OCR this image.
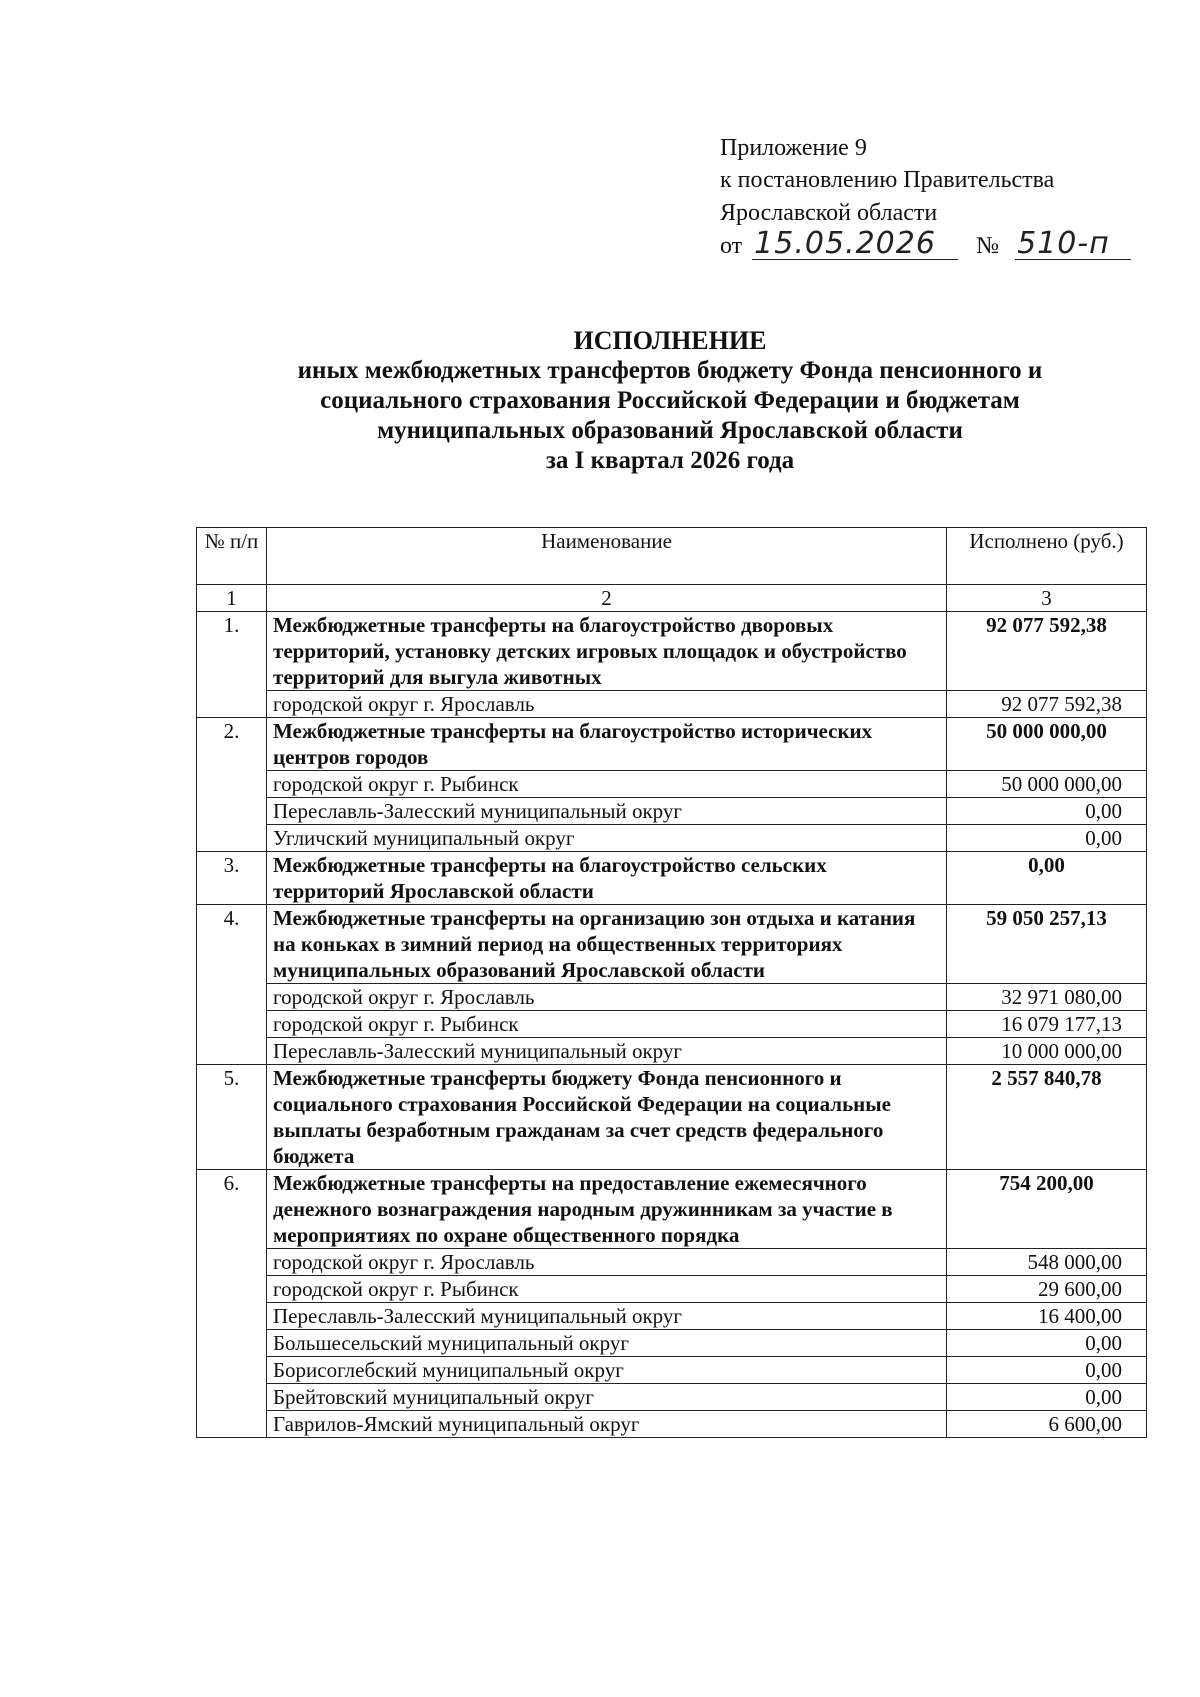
Приложение 9
к постановлению Правительства
Ярославской области
от 15.05.2026 № 510-п
ИСПОЛНЕНИЕ
иных межбюджетных трансфертов бюджету Фонда пенсионного и
социального страхования Российской Федерации и бюджетам
муниципальных образований Ярославской области
за I квартал 2026 года
№ п/п	Наименование	Исполнено (руб.)
1	2	3
1.	Межбюджетные трансферты на благоустройство дворовых территорий, установку детских игровых площадок и обустройство территорий для выгула животных	92 077 592,38
	городской округ г. Ярославль	92 077 592,38
2.	Межбюджетные трансферты на благоустройство исторических центров городов	50 000 000,00
	городской округ г. Рыбинск	50 000 000,00
	Переславль-Залесский муниципальный округ	0,00
	Угличский муниципальный округ	0,00
3.	Межбюджетные трансферты на благоустройство сельских территорий Ярославской области	0,00
4.	Межбюджетные трансферты на организацию зон отдыха и катания на коньках в зимний период на общественных территориях муниципальных образований Ярославской области	59 050 257,13
	городской округ г. Ярославль	32 971 080,00
	городской округ г. Рыбинск	16 079 177,13
	Переславль-Залесский муниципальный округ	10 000 000,00
5.	Межбюджетные трансферты бюджету Фонда пенсионного и социального страхования Российской Федерации на социальные выплаты безработным гражданам за счет средств федерального бюджета	2 557 840,78
6.	Межбюджетные трансферты на предоставление ежемесячного денежного вознаграждения народным дружинникам за участие в мероприятиях по охране общественного порядка	754 200,00
	городской округ г. Ярославль	548 000,00
	городской округ г. Рыбинск	29 600,00
	Переславль-Залесский муниципальный округ	16 400,00
	Большесельский муниципальный округ	0,00
	Борисоглебский муниципальный округ	0,00
	Брейтовский муниципальный округ	0,00
	Гаврилов-Ямский муниципальный округ	6 600,00
